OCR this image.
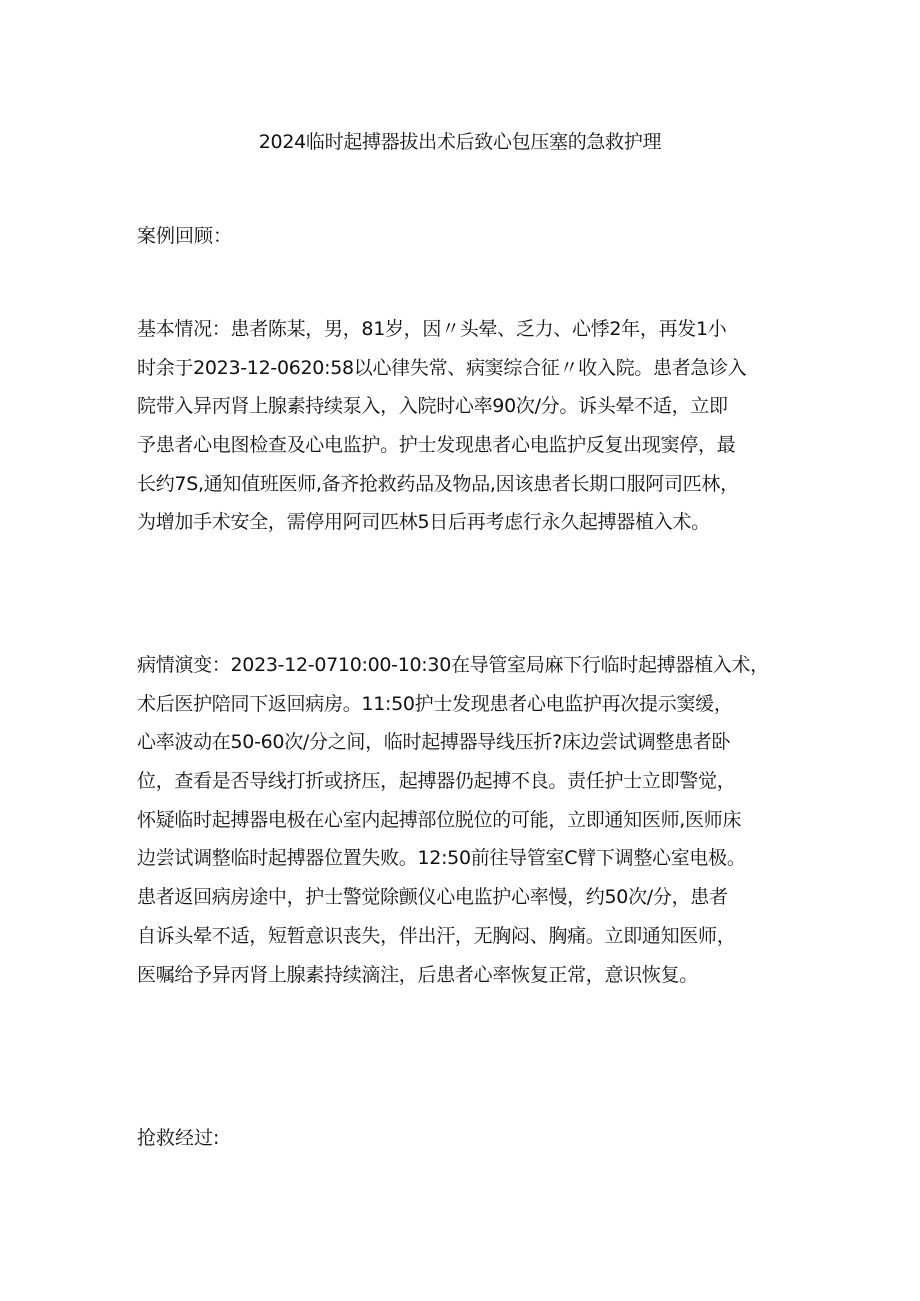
2024临时起搏器拔出术后致心包压塞的急救护理

案例回顾：

基本情况：患者陈某，男，81岁，因〃头晕、乏力、心悸2年，再发1小
时余于2023-12-0620:58以心律失常、病窦综合征〃收入院。患者急诊入
院带入异丙肾上腺素持续泵入，入院时心率90次/分。诉头晕不适，立即
予患者心电图检查及心电监护。护士发现患者心电监护反复出现窦停，最
长约7S,通知值班医师,备齐抢救药品及物品,因该患者长期口服阿司匹林，
为增加手术安全，需停用阿司匹林5日后再考虑行永久起搏器植入术。
病情演变：2023-12-0710:00-10:30在导管室局麻下行临时起搏器植入术，
术后医护陪同下返回病房。11:50护士发现患者心电监护再次提示窦缓，
心率波动在50-60次/分之间，临时起搏器导线压折?床边尝试调整患者卧
位，查看是否导线打折或挤压，起搏器仍起搏不良。责任护士立即警觉，
怀疑临时起搏器电极在心室内起搏部位脱位的可能，立即通知医师,医师床
边尝试调整临时起搏器位置失败。12:50前往导管室C臂下调整心室电极。
患者返回病房途中，护士警觉除颤仪心电监护心率慢，约50次/分，患者
自诉头晕不适，短暂意识丧失，伴出汗，无胸闷、胸痛。立即通知医师，
医嘱给予异丙肾上腺素持续滴注，后患者心率恢复正常，意识恢复。

抢救经过:
